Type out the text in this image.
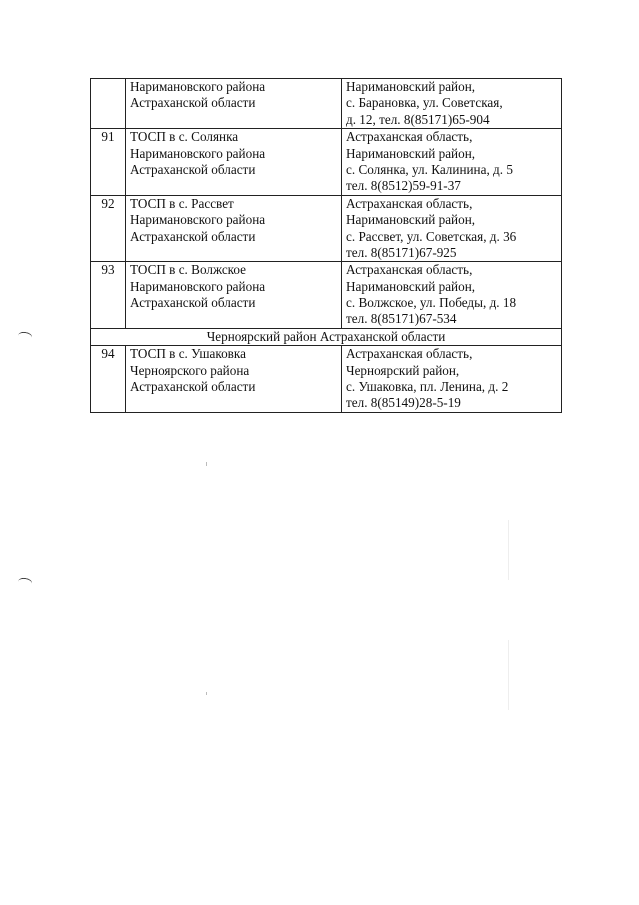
	Наримановского района
Астраханской области	Наримановский район,
с. Барановка, ул. Советская,
д. 12, тел. 8(85171)65-904

91	ТОСП в с. Солянка
Наримановского района
Астраханской области	Астраханская область,
Наримановский район,
с. Солянка, ул. Калинина, д. 5
тел. 8(8512)59-91-37

92	ТОСП в с. Рассвет
Наримановского района
Астраханской области	Астраханская область,
Наримановский район,
с. Рассвет, ул. Советская, д. 36
тел. 8(85171)67-925

93	ТОСП в с. Волжское
Наримановского района
Астраханской области	Астраханская область,
Наримановский район,
с. Волжское, ул. Победы, д. 18
тел. 8(85171)67-534

Черноярский район Астраханской области		
94	ТОСП в с. Ушаковка
Черноярского района
Астраханской области	Астраханская область,
Черноярский район,
с. Ушаковка, пл. Ленина, д. 2
тел. 8(85149)28-5-19
